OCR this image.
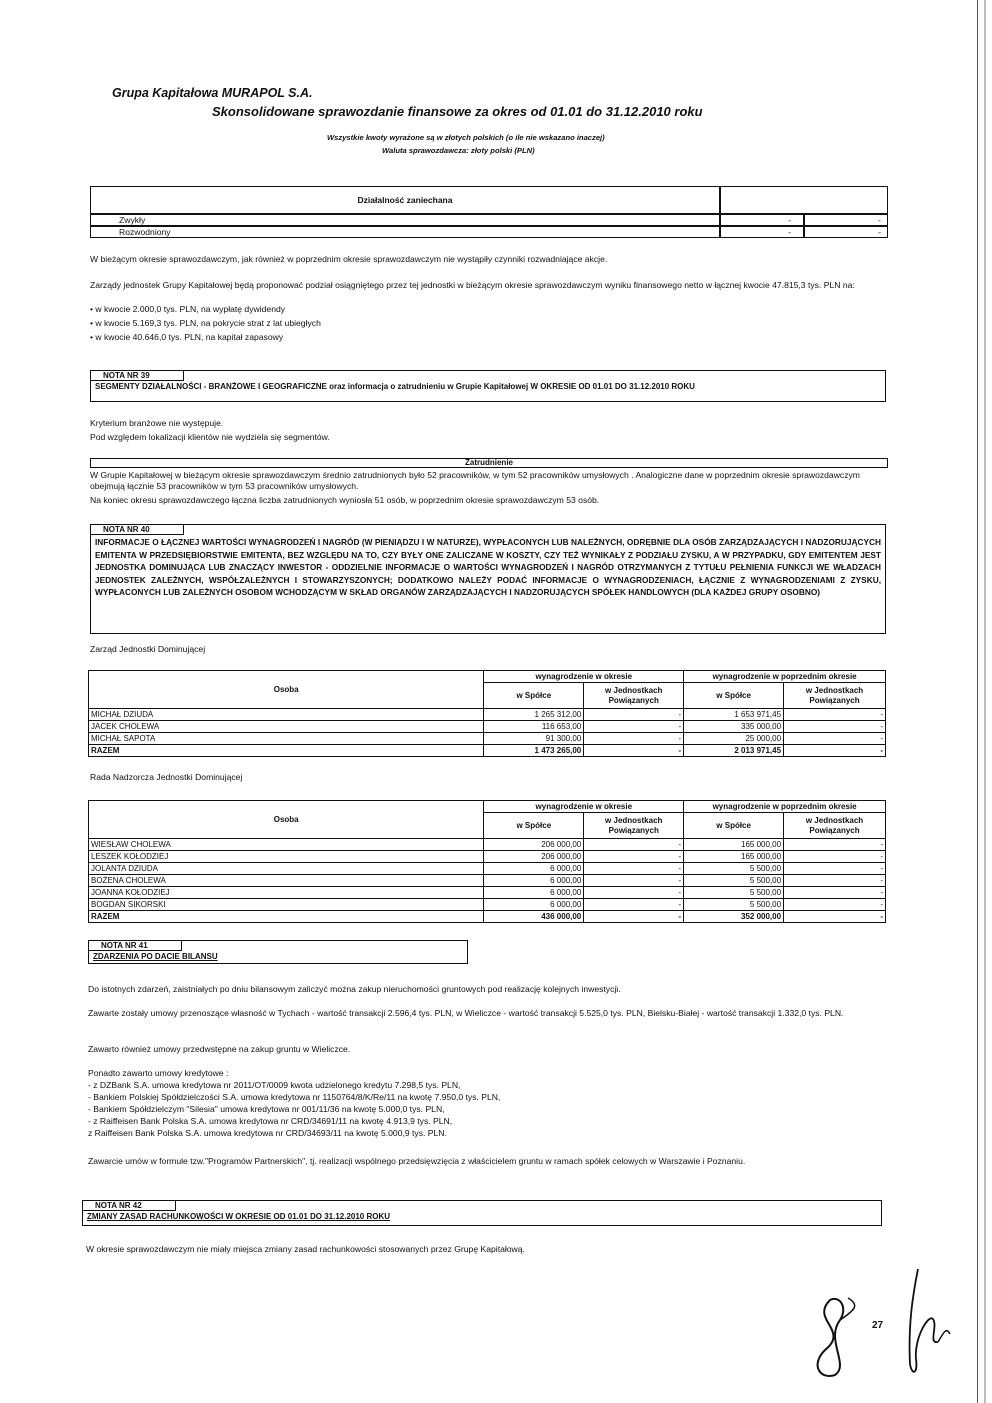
Grupa Kapitałowa MURAPOL S.A.
Skonsolidowane sprawozdanie finansowe za okres od 01.01 do 31.12.2010 roku
Wszystkie kwoty wyrażone są w złotych polskich (o ile nie wskazano inaczej)
Waluta sprawozdawcza: złoty polski (PLN)
Działalność zaniechana
Zwykły	-	-
Rozwodniony	-	-
W bieżącym okresie sprawozdawczym, jak również w poprzednim okresie sprawozdawczym nie wystąpiły czynniki rozwadniające akcje.
Zarządy jednostek Grupy Kapitałowej będą proponować podział osiągniętego przez tej jednostki w bieżącym okresie sprawozdawczym wyniku finansowego netto w łącznej kwocie 47.815,3 tys. PLN na:
• w kwocie 2.000,0 tys. PLN, na wypłatę dywidendy
• w kwocie 5.169,3 tys. PLN, na pokrycie strat z lat ubiegłych
• w kwocie 40.646,0 tys. PLN, na kapitał zapasowy
NOTA NR 39
SEGMENTY DZIAŁALNOŚCI - BRANŻOWE I GEOGRAFICZNE oraz informacja o zatrudnieniu w Grupie Kapitałowej W OKRESIE OD 01.01 DO 31.12.2010 ROKU
Kryterium branżowe nie występuje.
Pod względem lokalizacji klientów nie wydziela się segmentów.
Zatrudnienie
W Grupie Kapitałowej w bieżącym okresie sprawozdawczym średnio zatrudnionych było 52 pracowników, w tym 52 pracowników umysłowych . Analogiczne dane w poprzednim okresie sprawozdawczym obejmują łącznie 53 pracowników w tym 53 pracowników umysłowych.
Na koniec okresu sprawozdawczego łączna liczba zatrudnionych wyniosła 51 osób, w poprzednim okresie sprawozdawczym 53 osób.
NOTA NR 40
INFORMACJE O ŁĄCZNEJ WARTOŚCI WYNAGRODZEŃ I NAGRÓD (W PIENIĄDZU I W NATURZE), WYPŁACONYCH LUB NALEŻNYCH, ODRĘBNIE DLA OSÓB ZARZĄDZAJĄCYCH I NADZORUJĄCYCH EMITENTA W PRZEDSIĘBIORSTWIE EMITENTA, BEZ WZGLĘDU NA TO, CZY BYŁY ONE ZALICZANE W KOSZTY, CZY TEŻ WYNIKAŁY Z PODZIAŁU ZYSKU, A W PRZYPADKU, GDY EMITENTEM JEST JEDNOSTKA DOMINUJĄCA LUB ZNACZĄCY INWESTOR - ODDZIELNIE INFORMACJE O WARTOŚCI WYNAGRODZEŃ I NAGRÓD OTRZYMANYCH Z TYTUŁU PEŁNIENIA FUNKCJI WE WŁADZACH JEDNOSTEK ZALEŻNYCH, WSPÓŁZALEŻNYCH I STOWARZYSZONYCH; DODATKOWO NALEŻY PODAĆ INFORMACJE O WYNAGRODZENIACH, ŁĄCZNIE Z WYNAGRODZENIAMI Z ZYSKU, WYPŁACONYCH LUB ZALEŻNYCH OSOBOM WCHODZĄCYM W SKŁAD ORGANÓW ZARZĄDZAJĄCYCH I NADZORUJĄCYCH SPÓŁEK HANDLOWYCH (DLA KAŻDEJ GRUPY OSOBNO)
Zarząd Jednostki Dominującej
Osoba	wynagrodzenie w okresie		wynagrodzenie w poprzednim okresie	
	w Spółce	w Jednostkach Powiązanych	w Spółce	w Jednostkach Powiązanych
MICHAŁ DZIUDA	1 265 312,00	-	1 653 971,45	-
JACEK CHOLEWA	116 653,00	-	335 000,00	-
MICHAŁ SAPOTA	91 300,00	-	25 000,00	-
RAZEM	1 473 265,00	-	2 013 971,45	-
Rada Nadzorcza Jednostki Dominującej
Osoba	wynagrodzenie w okresie		wynagrodzenie w poprzednim okresie	
	w Spółce	w Jednostkach Powiązanych	w Spółce	w Jednostkach Powiązanych
WIESŁAW CHOLEWA	206 000,00	-	165 000,00	-
LESZEK KOŁODZIEJ	206 000,00	-	165 000,00	-
JOLANTA DZIUDA	6 000,00	-	5 500,00	-
BOŻENA CHOLEWA	6 000,00	-	5 500,00	-
JOANNA KOŁODZIEJ	6 000,00	-	5 500,00	-
BOGDAN SIKORSKI	6 000,00	-	5 500,00	-
RAZEM	436 000,00	-	352 000,00	-
NOTA NR 41
ZDARZENIA PO DACIE BILANSU
Do istotnych zdarzeń, zaistniałych po dniu bilansowym zaliczyć można zakup nieruchomości gruntowych pod realizację kolejnych inwestycji.
Zawarte zostały umowy przenoszące własność w Tychach - wartość transakcji 2.596,4 tys. PLN, w Wieliczce - wartość transakcji 5.525,0 tys. PLN, Bielsku-Białej - wartość transakcji 1.332,0 tys. PLN.
Zawarto również umowy przedwstępne na zakup gruntu w Wieliczce.
Ponadto zawarto umowy kredytowe :
- z DZBank S.A. umowa kredytowa nr 2011/OT/0009 kwota udzielonego kredytu 7.298,5 tys. PLN,
- Bankiem Polskiej Spółdzielczości S.A. umowa kredytowa nr 1150764/8/K/Re/11 na kwotę 7.950,0 tys. PLN,
- Bankiem Spółdzielczym "Silesia" umowa kredytowa nr 001/11/36 na kwotę 5.000,0 tys. PLN,
- z Raiffeisen Bank Polska S.A. umowa kredytowa nr CRD/34691/11 na kwotę 4.913,9 tys. PLN,
z Raiffeisen Bank Polska S.A. umowa kredytowa nr CRD/34693/11 na kwotę 5.000,9 tys. PLN.
Zawarcie umów w formule tzw."Programów Partnerskich", tj. realizacji wspólnego przedsięwzięcia z właścicielem gruntu w ramach spółek celowych w Warszawie i Poznaniu.
NOTA NR 42
ZMIANY ZASAD RACHUNKOWOŚCI W OKRESIE OD 01.01 DO 31.12.2010 ROKU
W okresie sprawozdawczym nie miały miejsca zmiany zasad rachunkowości stosowanych przez Grupę Kapitałową.
27
